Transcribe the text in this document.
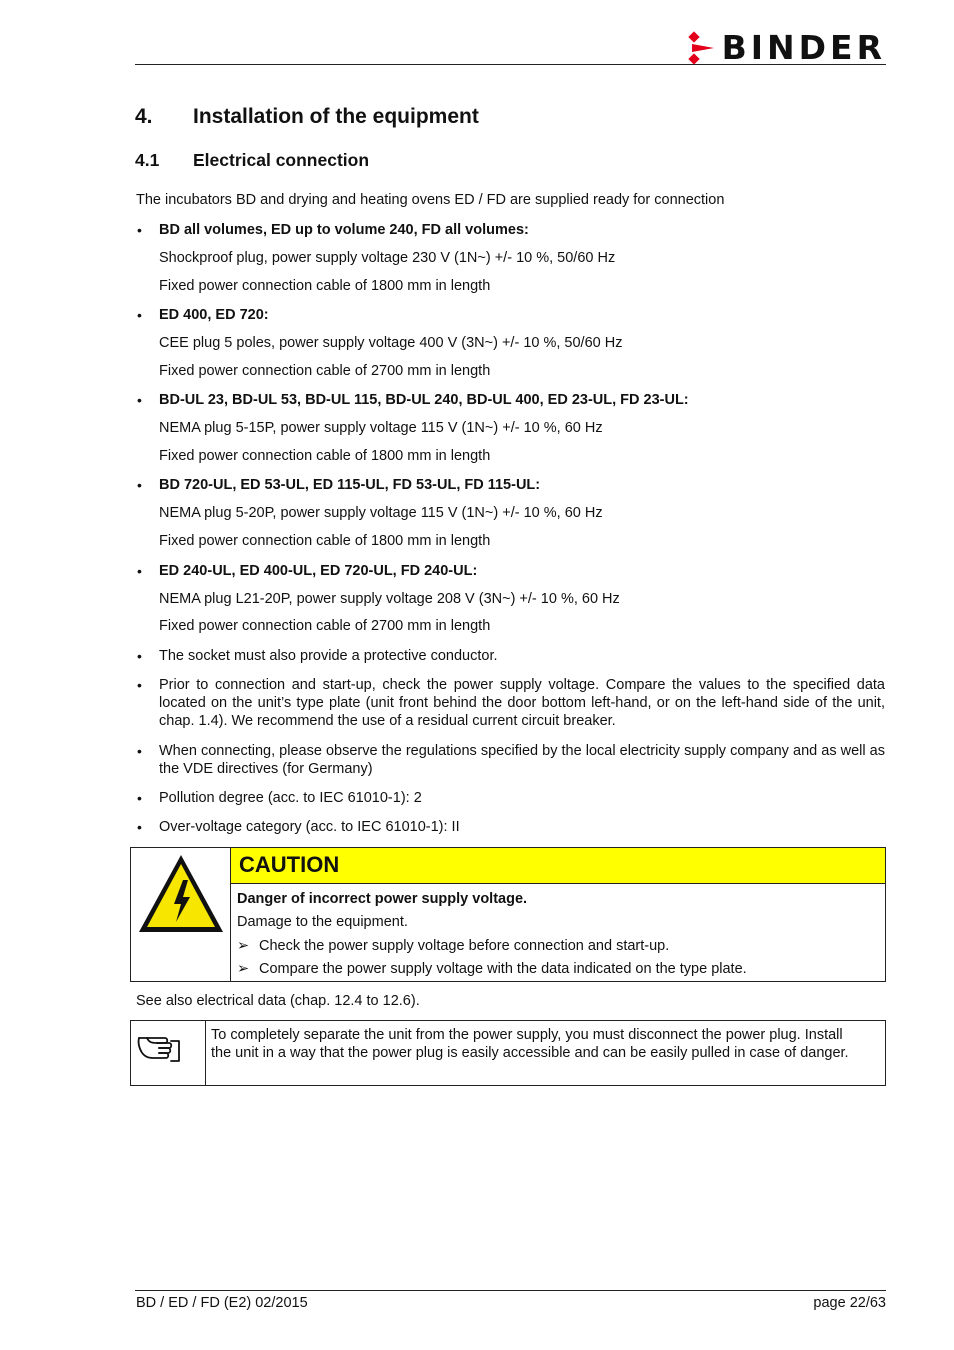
BINDER
4. Installation of the equipment
4.1 Electrical connection
The incubators BD and drying and heating ovens ED / FD are supplied ready for connection
• BD all volumes, ED up to volume 240, FD all volumes:
Shockproof plug, power supply voltage 230 V (1N~) +/- 10 %, 50/60 Hz
Fixed power connection cable of 1800 mm in length
• ED 400, ED 720:
CEE plug 5 poles, power supply voltage 400 V (3N~) +/- 10 %, 50/60 Hz
Fixed power connection cable of 2700 mm in length
• BD-UL 23, BD-UL 53, BD-UL 115, BD-UL 240, BD-UL 400, ED 23-UL, FD 23-UL:
NEMA plug 5-15P, power supply voltage 115 V (1N~) +/- 10 %, 60 Hz
Fixed power connection cable of 1800 mm in length
• BD 720-UL, ED 53-UL, ED 115-UL, FD 53-UL, FD 115-UL:
NEMA plug 5-20P, power supply voltage 115 V (1N~) +/- 10 %, 60 Hz
Fixed power connection cable of 1800 mm in length
• ED 240-UL, ED 400-UL, ED 720-UL, FD 240-UL:
NEMA plug L21-20P, power supply voltage 208 V (3N~) +/- 10 %, 60 Hz
Fixed power connection cable of 2700 mm in length
• The socket must also provide a protective conductor.
• Prior to connection and start-up, check the power supply voltage. Compare the values to the specified data located on the unit’s type plate (unit front behind the door bottom left-hand, or on the left-hand side of the unit, chap. 1.4). We recommend the use of a residual current circuit breaker.
• When connecting, please observe the regulations specified by the local electricity supply company and as well as the VDE directives (for Germany)
• Pollution degree (acc. to IEC 61010-1): 2
• Over-voltage category (acc. to IEC 61010-1): II
CAUTION
Danger of incorrect power supply voltage.
Damage to the equipment.
➢ Check the power supply voltage before connection and start-up.
➢ Compare the power supply voltage with the data indicated on the type plate.
See also electrical data (chap. 12.4 to 12.6).
To completely separate the unit from the power supply, you must disconnect the power plug. Install the unit in a way that the power plug is easily accessible and can be easily pulled in case of danger.
BD / ED / FD (E2) 02/2015	page 22/63
